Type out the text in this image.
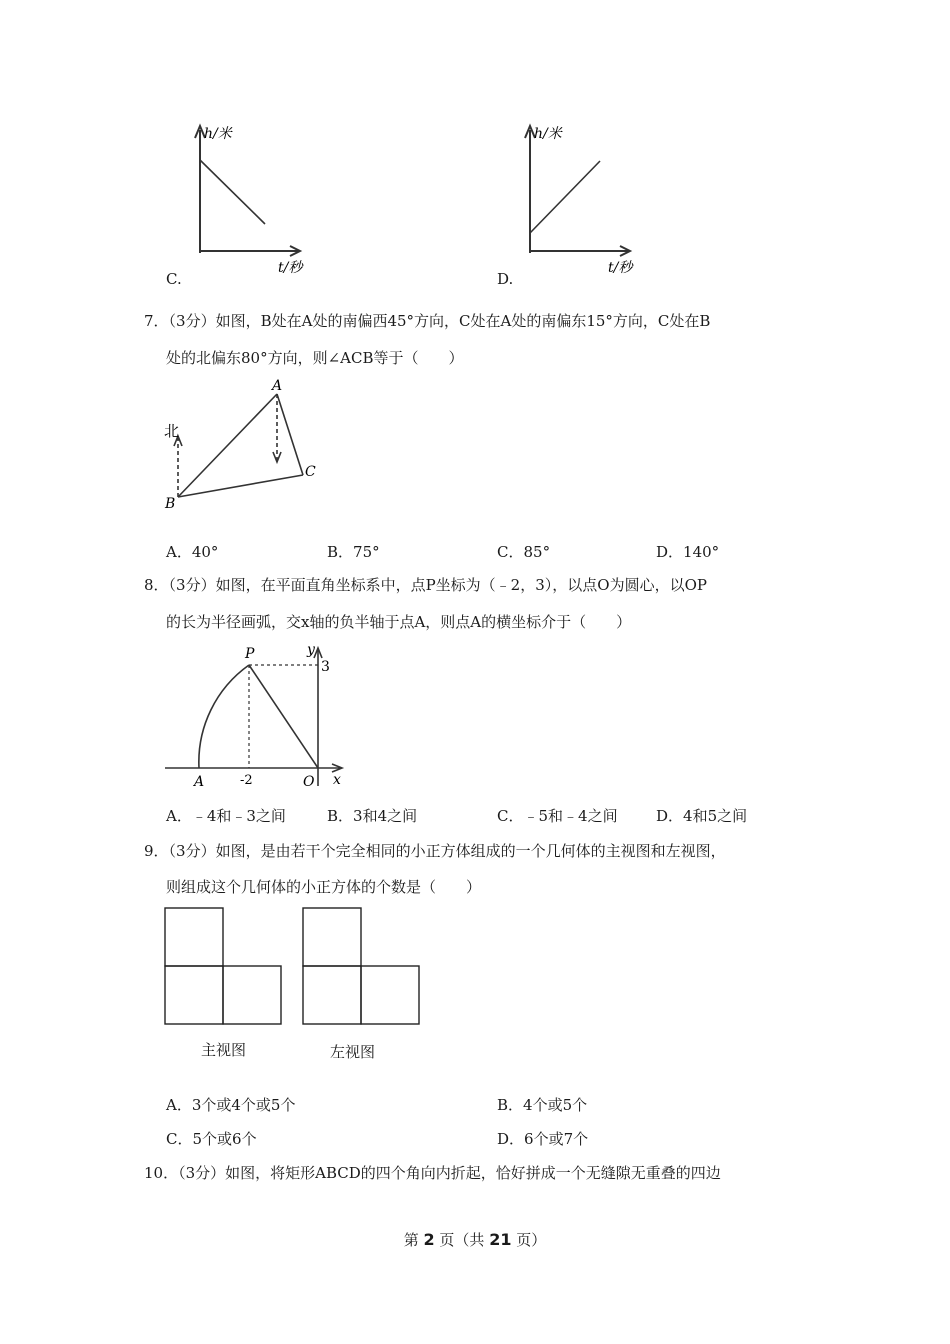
h/米
t/秒
C.
h/米
t/秒
D.
7．（3分）如图，B处在A处的南偏西45°方向，C处在A处的南偏东15°方向，C处在B
处的北偏东80°方向，则∠ACB等于（　　）
北
A
B
C
A．40°	B．75°	C．85°	D．140°
8．（3分）如图，在平面直角坐标系中，点P坐标为（﹣2，3），以点O为圆心，以OP
的长为半径画弧，交x轴的负半轴于点A，则点A的横坐标介于（　　）
P	y
3
A	-2	O x
A．﹣4和﹣3之间	B．3和4之间	C．﹣5和﹣4之间	D．4和5之间
9．（3分）如图，是由若干个完全相同的小正方体组成的一个几何体的主视图和左视图，
则组成这个几何体的小正方体的个数是（　　）
主视图	左视图
A．3个或4个或5个	B．4个或5个
C．5个或6个	D．6个或7个
10．（3分）如图，将矩形ABCD的四个角向内折起，恰好拼成一个无缝隙无重叠的四边
第 2 页（共 21 页）
